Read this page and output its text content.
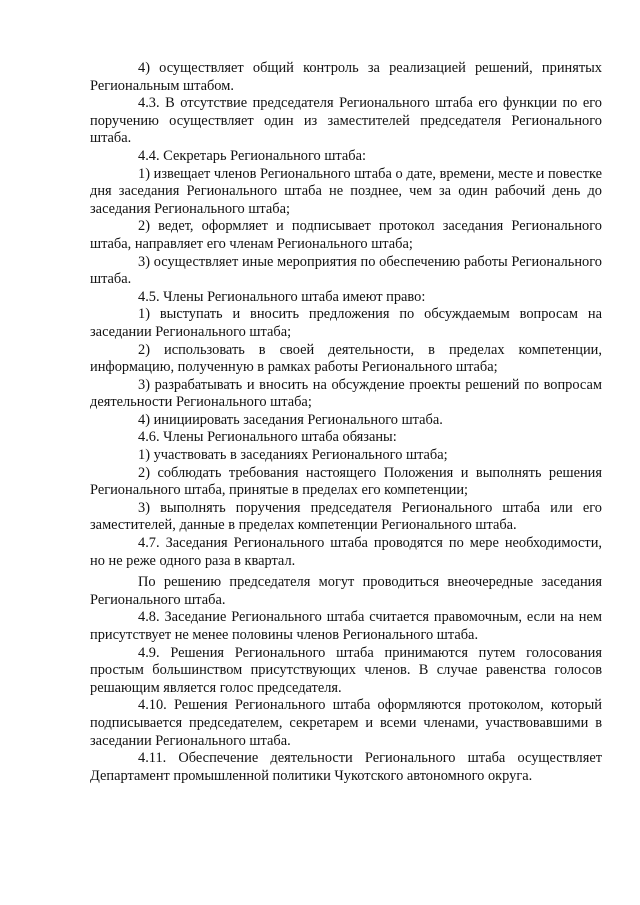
4) осуществляет общий контроль за реализацией решений, принятых Региональным штабом.

4.3. В отсутствие председателя Регионального штаба его функции по его поручению осуществляет один из заместителей председателя Регионального штаба.

4.4. Секретарь Регионального штаба:

1) извещает членов Регионального штаба о дате, времени, месте и повестке дня заседания Регионального штаба не позднее, чем за один рабочий день до заседания Регионального штаба;

2) ведет, оформляет и подписывает протокол заседания Регионального штаба, направляет его членам Регионального штаба;

3) осуществляет иные мероприятия по обеспечению работы Регионального штаба.

4.5. Члены Регионального штаба имеют право:

1) выступать и вносить предложения по обсуждаемым вопросам на заседании Регионального штаба;

2) использовать в своей деятельности, в пределах компетенции, информацию, полученную в рамках работы Регионального штаба;

3) разрабатывать и вносить на обсуждение проекты решений по вопросам деятельности Регионального штаба;

4) инициировать заседания Регионального штаба.

4.6. Члены Регионального штаба обязаны:

1) участвовать в заседаниях Регионального штаба;

2) соблюдать требования настоящего Положения и выполнять решения Регионального штаба, принятые в пределах его компетенции;

3) выполнять поручения председателя Регионального штаба или его заместителей, данные в пределах компетенции Регионального штаба.

4.7. Заседания Регионального штаба проводятся по мере необходимости, но не реже одного раза в квартал.

По решению председателя могут проводиться внеочередные заседания Регионального штаба.

4.8. Заседание Регионального штаба считается правомочным, если на нем присутствует не менее половины членов Регионального штаба.

4.9. Решения Регионального штаба принимаются путем голосования простым большинством присутствующих членов. В случае равенства голосов решающим является голос председателя.

4.10. Решения Регионального штаба оформляются протоколом, который подписывается председателем, секретарем и всеми членами, участвовавшими в заседании Регионального штаба.

4.11. Обеспечение деятельности Регионального штаба осуществляет Департамент промышленной политики Чукотского автономного округа.
